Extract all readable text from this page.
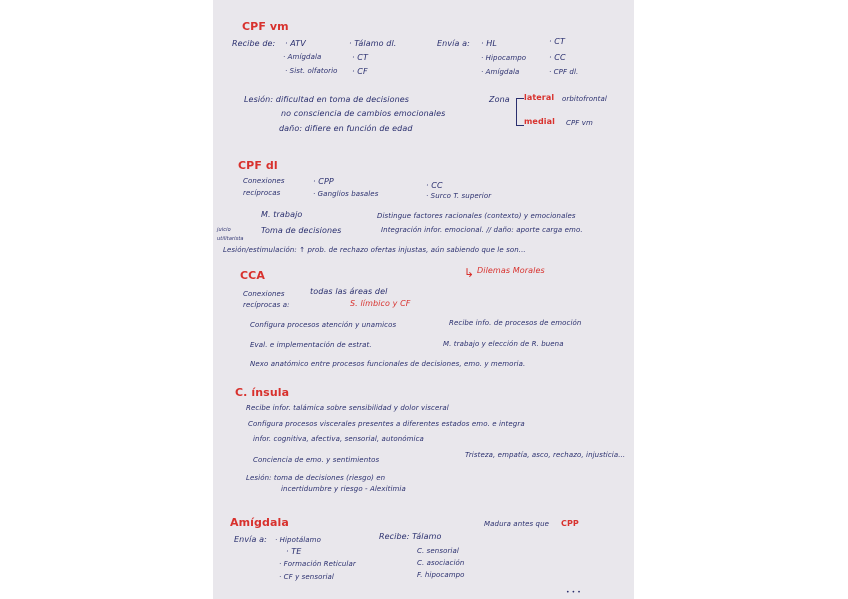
CPF vm
Recibe de: · ATV
· Amígdala
· Sist. olfatorio
· Tálamo dl.
· CT
· CF
Envía a: · HL
· Hipocampo
· Amígdala
· CT
· CC
· CPF dl.
Lesión: dificultad en toma de decisiones
no consciencia de cambios emocionales
daño: difiere en función de edad
Zona lateral orbitofrontal
medial CPF vm
CPF dl
Conexiones
recíprocas
· CPP
· Ganglios basales
· CC
· Surco T. superior
M. trabajo
Toma de decisiones
Distingue factores racionales (contexto) y emocionales
Integración infor. emocional. // daño: aporte carga emo.
juicio
utilitarista
Lesión/estimulación: ↑ prob. de rechazo ofertas injustas, aún sabiendo que le son...
↳ Dilemas Morales
CCA
Conexiones
recíprocas a:
todas las áreas del
S. límbico y CF
Configura procesos atención y unamicos	Recibe info. de procesos de emoción
Eval. e implementación de estrat.	M. trabajo y elección de R. buena
Nexo anatómico entre procesos funcionales de decisiones, emo. y memoria.
C. ínsula
Recibe infor. talámica sobre sensibilidad y dolor visceral
Configura procesos viscerales presentes a diferentes estados emo. e integra
infor. cognitiva, afectiva, sensorial, autonómica
Conciencia de emo. y sentimientos
Tristeza, empatía, asco, rechazo, injusticia...
Lesión: toma de decisiones (riesgo) en
incertidumbre y riesgo - Alexitimia
Amígdala	Madura antes que CPP
Envía a: · Hipotálamo
· TE
· Formación Reticular
· CF y sensorial
Recibe: Tálamo
C. sensorial
C. asociación
F. hipocampo
• • •
